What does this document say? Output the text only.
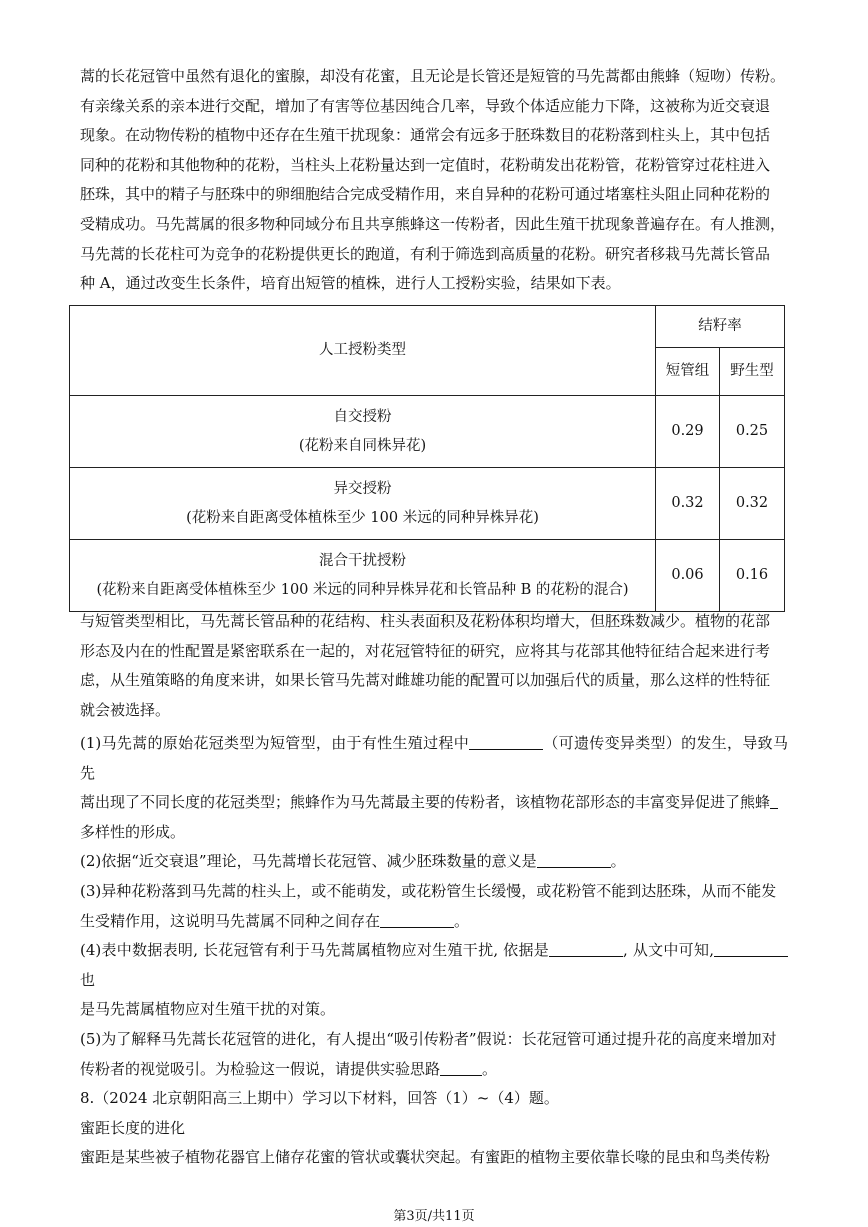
蒿的长花冠管中虽然有退化的蜜腺，却没有花蜜，且无论是长管还是短管的马先蒿都由熊蜂（短吻）传粉。
有亲缘关系的亲本进行交配，增加了有害等位基因纯合几率，导致个体适应能力下降，这被称为近交衰退
现象。在动物传粉的植物中还存在生殖干扰现象：通常会有远多于胚珠数目的花粉落到柱头上，其中包括
同种的花粉和其他物种的花粉，当柱头上花粉量达到一定值时，花粉萌发出花粉管，花粉管穿过花柱进入
胚珠，其中的精子与胚珠中的卵细胞结合完成受精作用，来自异种的花粉可通过堵塞柱头阻止同种花粉的
受精成功。马先蒿属的很多物种同域分布且共享熊蜂这一传粉者，因此生殖干扰现象普遍存在。有人推测，
马先蒿的长花柱可为竞争的花粉提供更长的跑道，有利于筛选到高质量的花粉。研究者移栽马先蒿长管品
种 A，通过改变生长条件，培育出短管的植株，进行人工授粉实验，结果如下表。

人工授粉类型	结籽率	
	短管组	野生型

自交授粉
(花粉来自同株异花)	0.29	0.25

异交授粉
(花粉来自距离受体植株至少 100 米远的同种异株异花)	0.32	0.32

混合干扰授粉
(花粉来自距离受体植株至少 100 米远的同种异株异花和长管品种 B 的花粉的混合)	0.06	0.16

与短管类型相比，马先蒿长管品种的花结构、柱头表面积及花粉体积均增大，但胚珠数减少。植物的花部
形态及内在的性配置是紧密联系在一起的，对花冠管特征的研究，应将其与花部其他特征结合起来进行考
虑，从生殖策略的角度来讲，如果长管马先蒿对雌雄功能的配置可以加强后代的质量，那么这样的性特征
就会被选择。

(1)马先蒿的原始花冠类型为短管型，由于有性生殖过程中	（可遗传变异类型）的发生，导致马先
蒿出现了不同长度的花冠类型；熊蜂作为马先蒿最主要的传粉者，该植物花部形态的丰富变异促进了熊蜂
多样性的形成。
(2)依据“近交衰退”理论，马先蒿增长花冠管、减少胚珠数量的意义是	。
(3)异种花粉落到马先蒿的柱头上，或不能萌发，或花粉管生长缓慢，或花粉管不能到达胚珠，从而不能发
生受精作用，这说明马先蒿属不同种之间存在	。
(4)表中数据表明, 长花冠管有利于马先蒿属植物应对生殖干扰, 依据是	, 从文中可知,也
是马先蒿属植物应对生殖干扰的对策。
(5)为了解释马先蒿长花冠管的进化，有人提出“吸引传粉者”假说：长花冠管可通过提升花的高度来增加对
传粉者的视觉吸引。为检验这一假说，请提供实验思路	。
8.（2024 北京朝阳高三上期中）学习以下材料，回答（1）~（4）题。
蜜距长度的进化
蜜距是某些被子植物花器官上储存花蜜的管状或囊状突起。有蜜距的植物主要依靠长喙的昆虫和鸟类传粉

第3页/共11页
